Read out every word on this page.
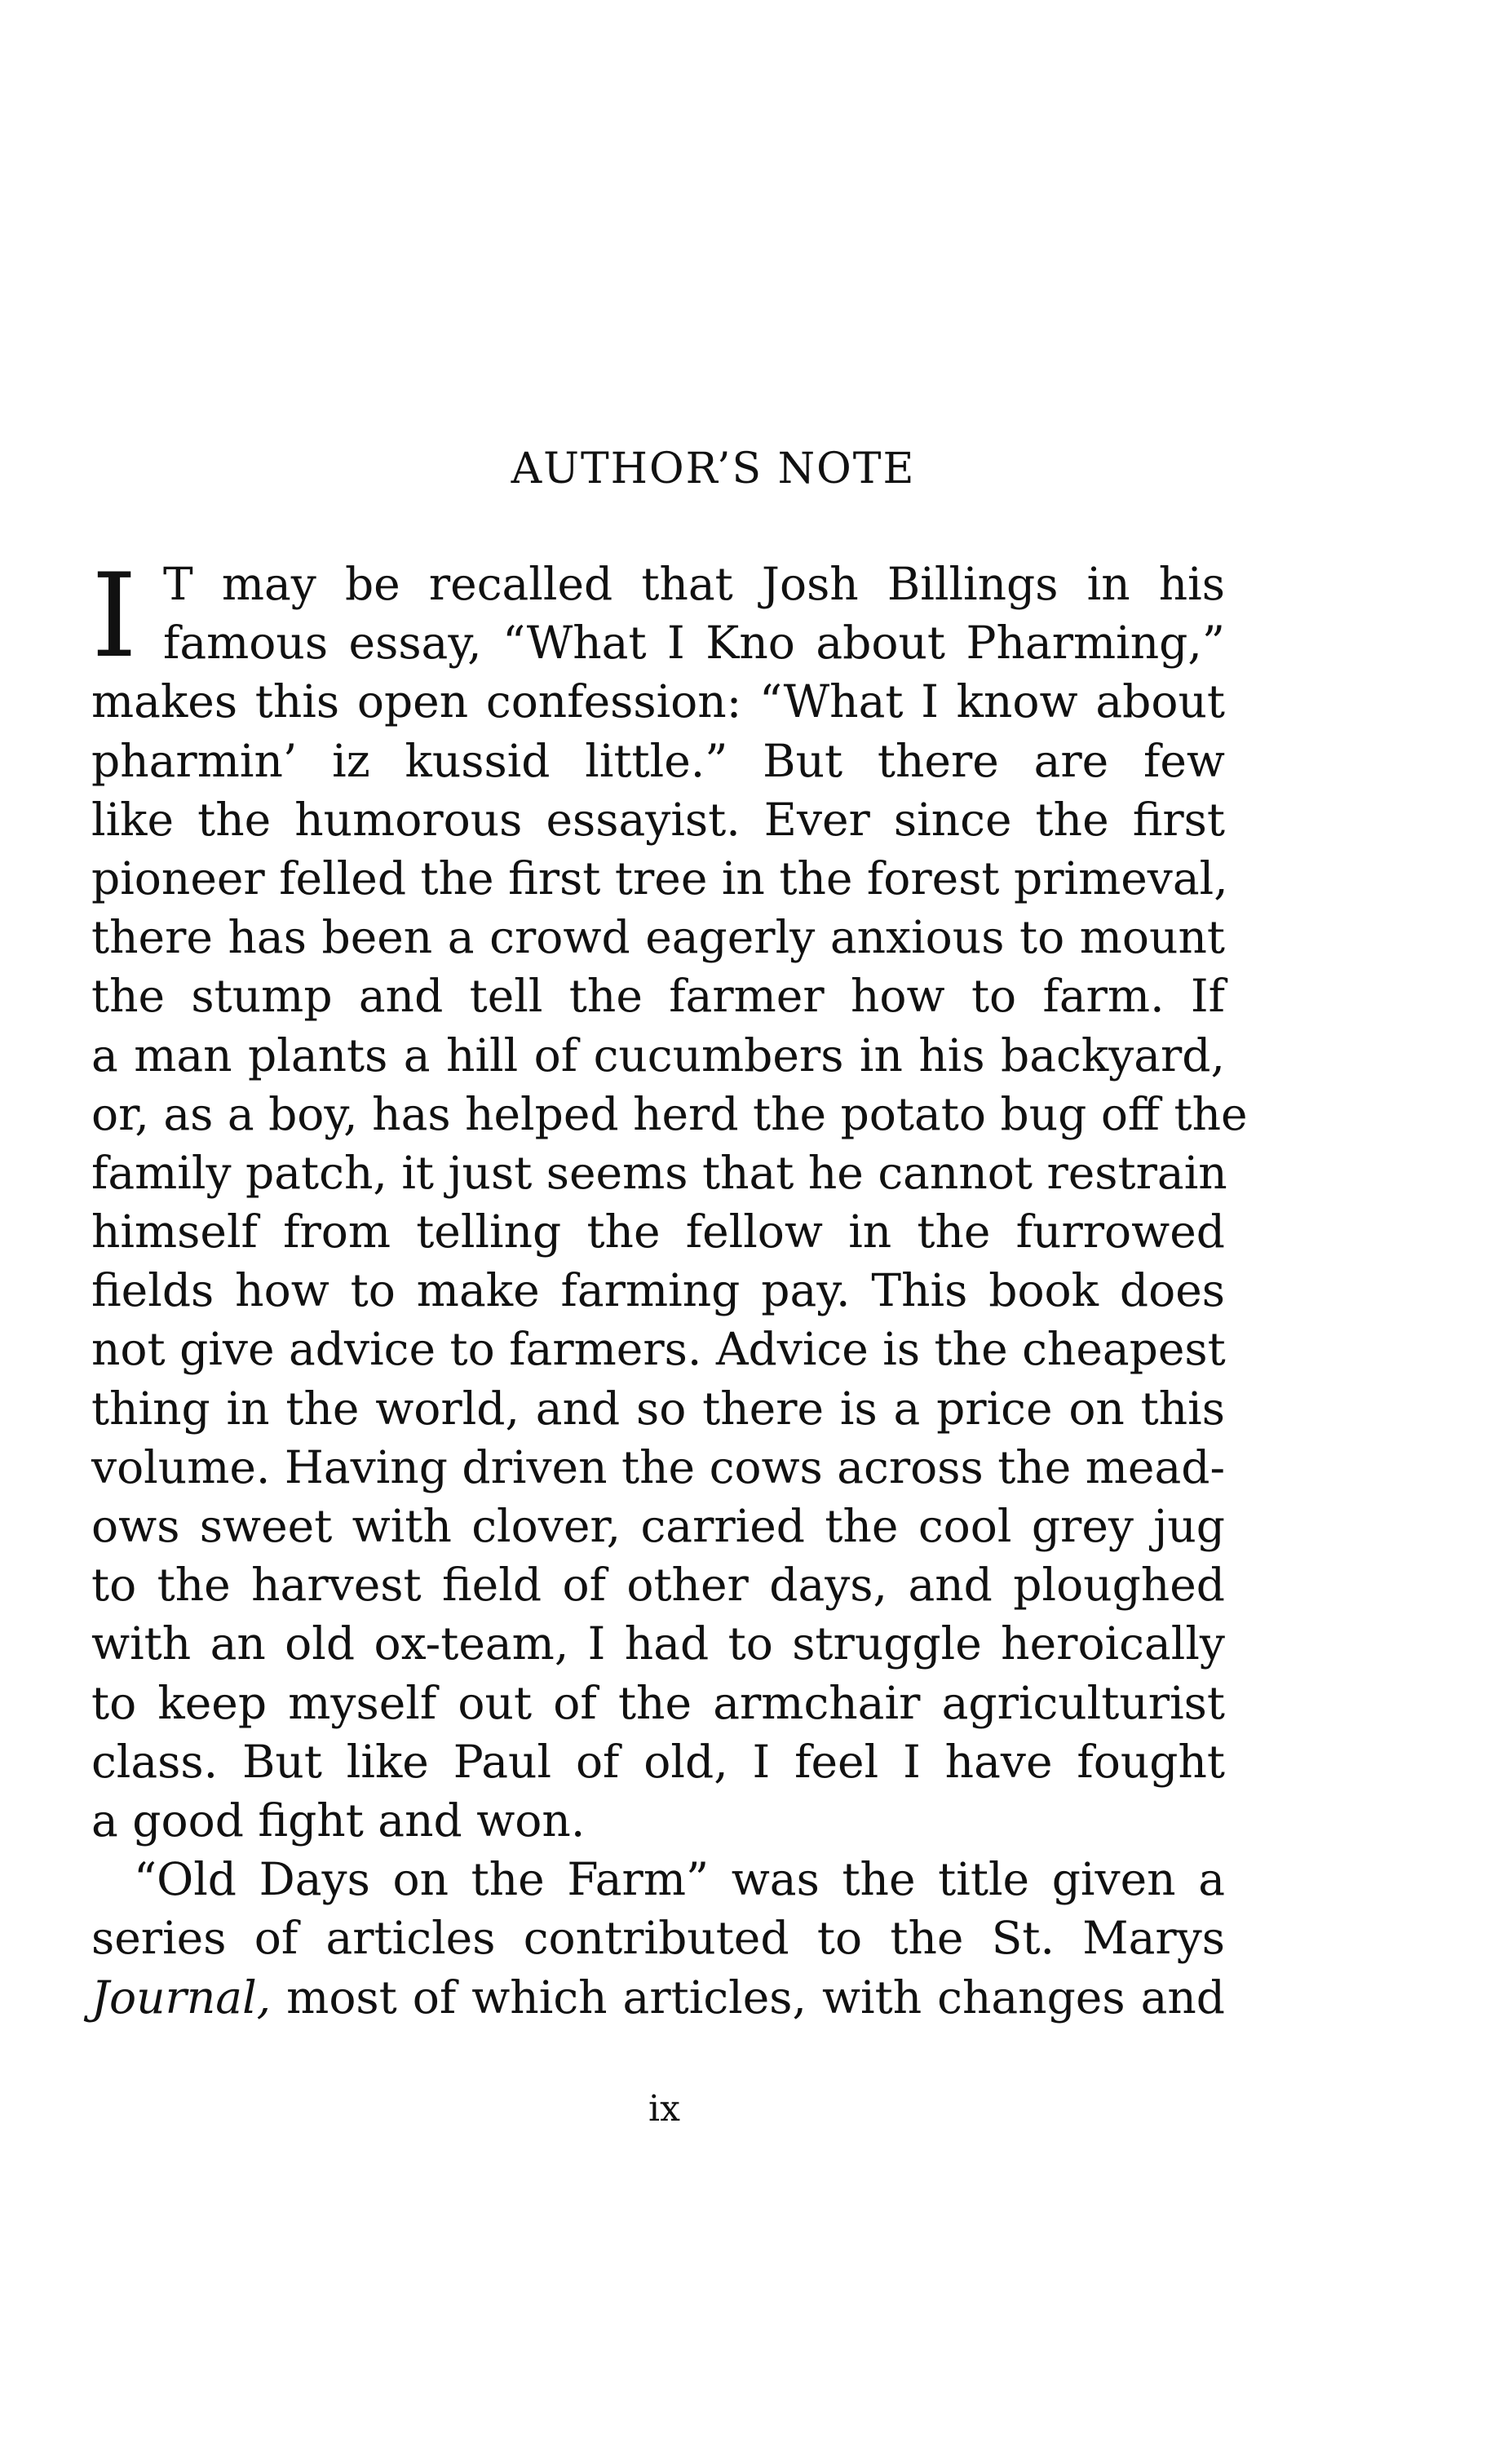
AUTHOR’S NOTE
I T may be recalled that Josh Billings in his
famous essay, “What I Kno about Pharming,”
makes this open confession: “What I know about
pharmin’ iz kussid little.” But there are few
like the humorous essayist. Ever since the first
pioneer felled the first tree in the forest primeval,
there has been a crowd eagerly anxious to mount
the stump and tell the farmer how to farm. If
a man plants a hill of cucumbers in his backyard,
or, as a boy, has helped herd the potato bug off the
family patch, it just seems that he cannot restrain
himself from telling the fellow in the furrowed
fields how to make farming pay. This book does
not give advice to farmers. Advice is the cheapest
thing in the world, and so there is a price on this
volume. Having driven the cows across the mead-
ows sweet with clover, carried the cool grey jug
to the harvest field of other days, and ploughed
with an old ox-team, I had to struggle heroically
to keep myself out of the armchair agriculturist
class. But like Paul of old, I feel I have fought
a good fight and won.
“Old Days on the Farm” was the title given a
series of articles contributed to the St. Marys
Journal, most of which articles, with changes and
ix
